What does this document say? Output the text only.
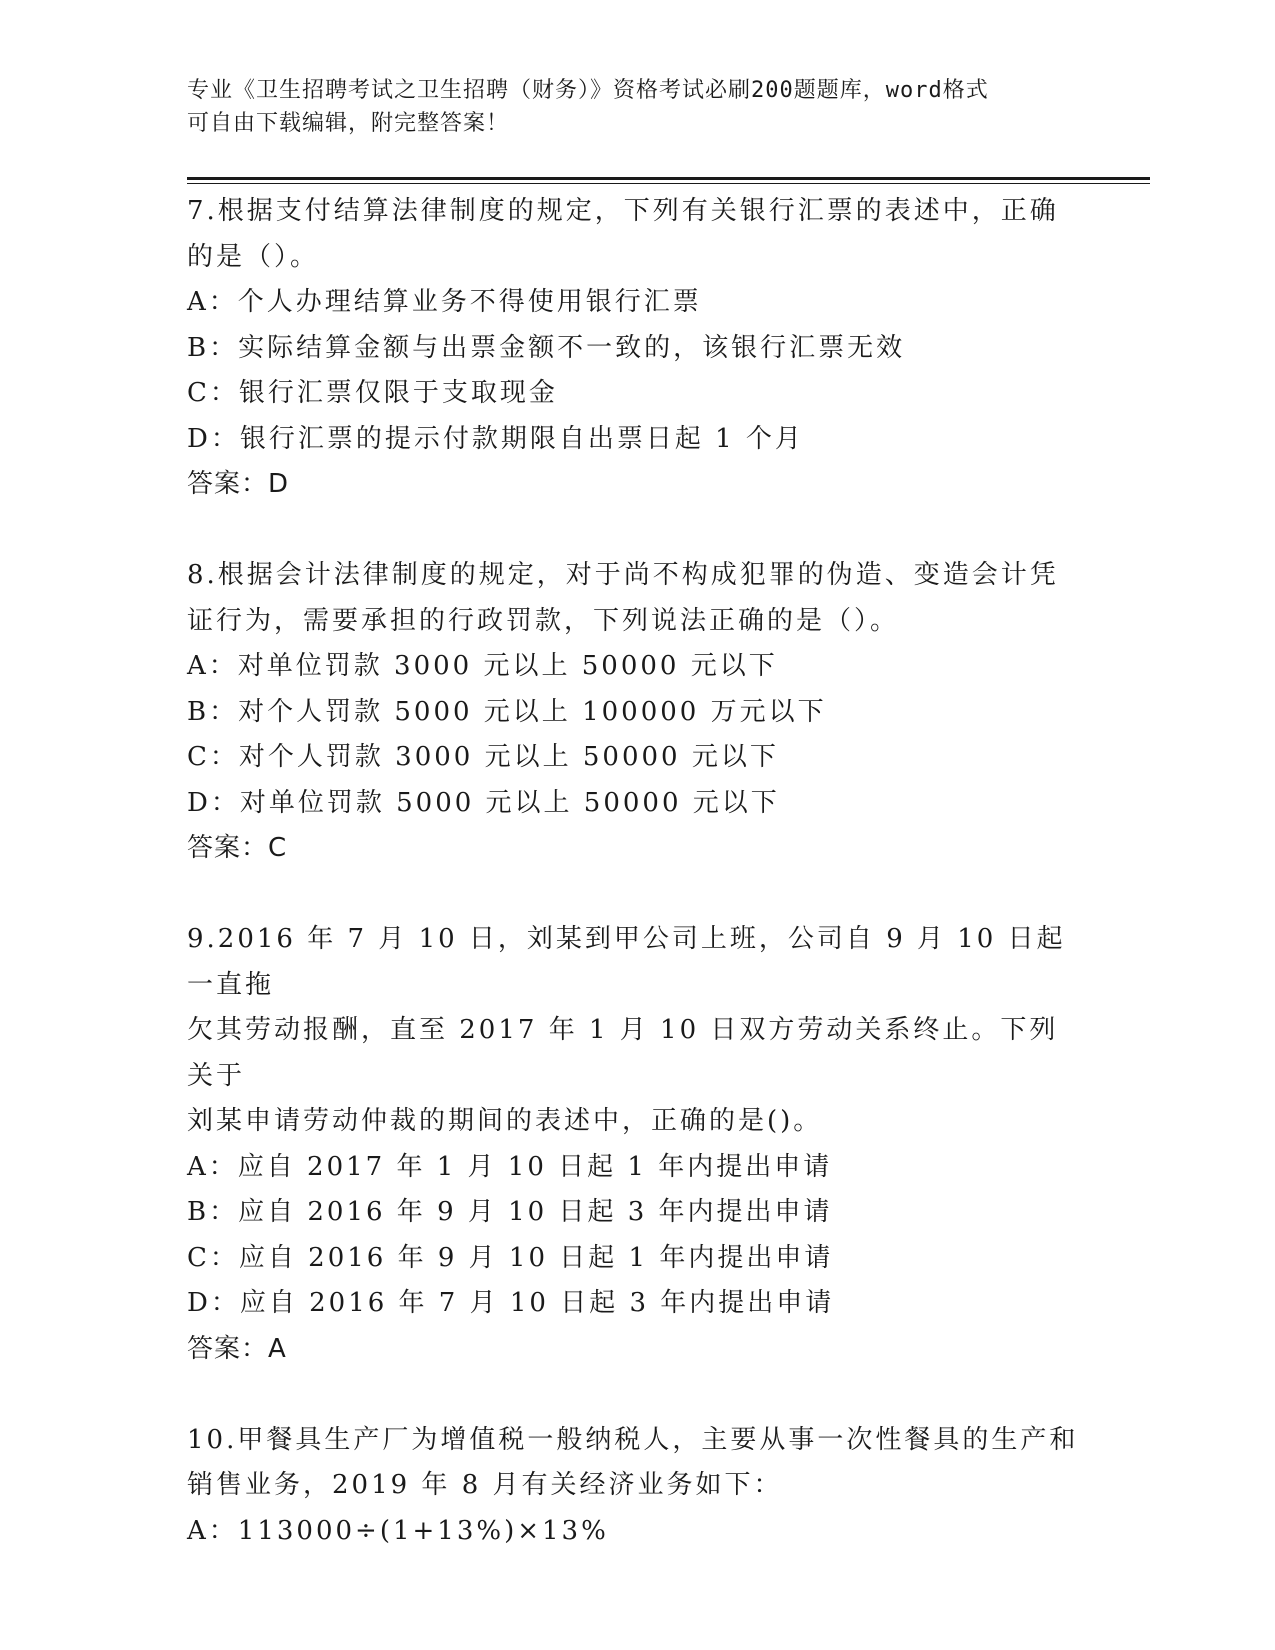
专业《卫生招聘考试之卫生招聘（财务）》资格考试必刷200题题库，word格式
可自由下载编辑，附完整答案！

7.根据支付结算法律制度的规定，下列有关银行汇票的表述中，正确

的是（）。

A：个人办理结算业务不得使用银行汇票

B：实际结算金额与出票金额不一致的，该银行汇票无效

C：银行汇票仅限于支取现金

D：银行汇票的提示付款期限自出票日起 1 个月

答案：D

8.根据会计法律制度的规定，对于尚不构成犯罪的伪造、变造会计凭

证行为，需要承担的行政罚款，下列说法正确的是（）。

A：对单位罚款 3000 元以上 50000 元以下

B：对个人罚款 5000 元以上 100000 万元以下

C：对个人罚款 3000 元以上 50000 元以下

D：对单位罚款 5000 元以上 50000 元以下

答案：C

9.2016 年 7 月 10 日，刘某到甲公司上班，公司自 9 月 10 日起一直拖

欠其劳动报酬，直至 2017 年 1 月 10 日双方劳动关系终止。下列关于

刘某申请劳动仲裁的期间的表述中，正确的是()。

A：应自 2017 年 1 月 10 日起 1 年内提出申请

B：应自 2016 年 9 月 10 日起 3 年内提出申请

C：应自 2016 年 9 月 10 日起 1 年内提出申请

D：应自 2016 年 7 月 10 日起 3 年内提出申请

答案：A

10.甲餐具生产厂为增值税一般纳税人，主要从事一次性餐具的生产和

销售业务，2019 年 8 月有关经济业务如下：

A：113000÷(1+13%)×13%
